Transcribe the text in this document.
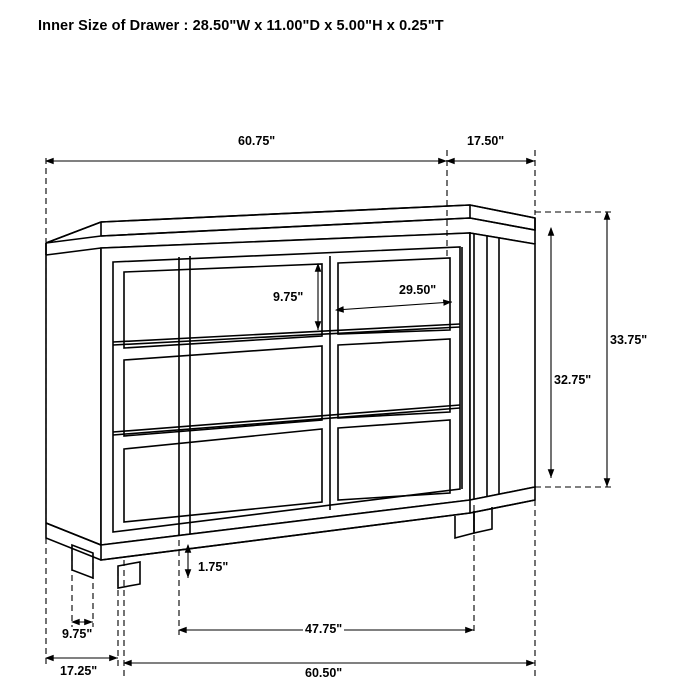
Inner Size of Drawer : 28.50"W x 11.00"D x 5.00"H x 0.25"T
60.75"	17.50"
9.75"	29.50"
33.75"
32.75"
1.75"
47.75"
60.50"
9.75"
17.25"
